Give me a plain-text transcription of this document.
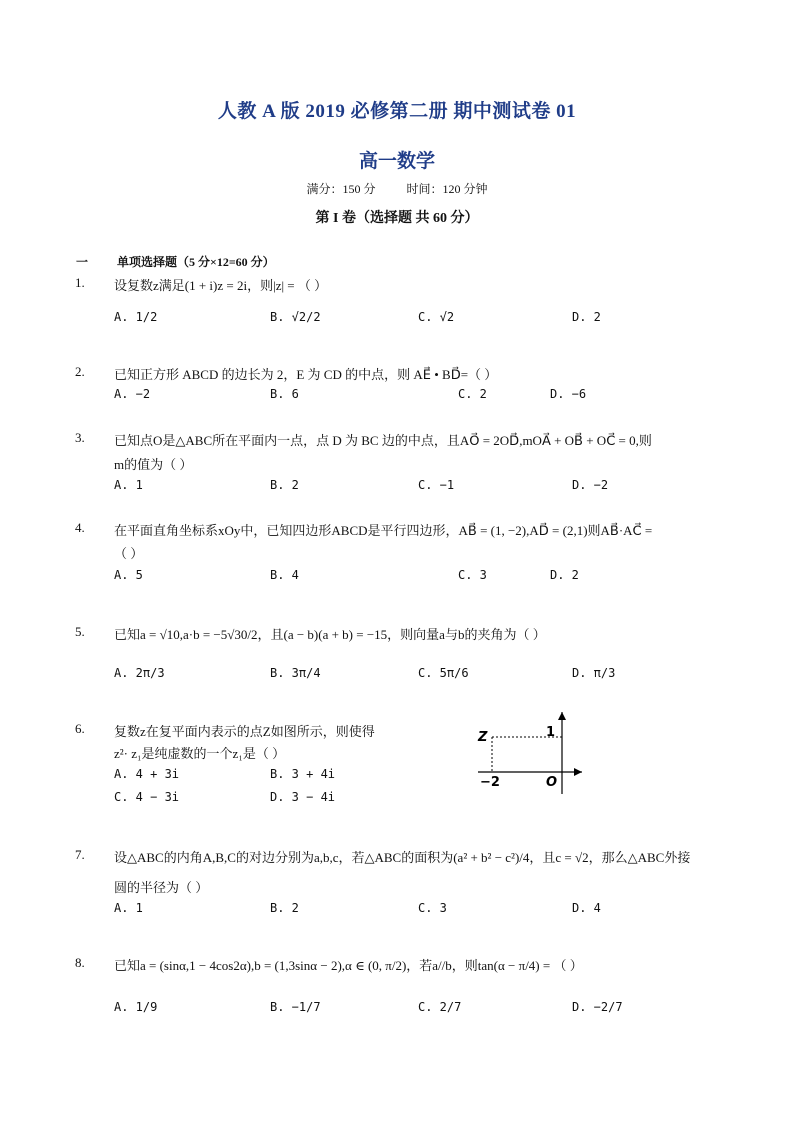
人教 A 版 2019 必修第二册 期中测试卷 01
高一数学
满分：150 分	时间：120 分钟
第 I 卷（选择题 共 60 分）
一 单项选择题（5 分×12=60 分）
1. 设复数z满足(1 + i)z = 2i，则|z| = （ ）
A. 1/2	B. √2/2	C. √2	D. 2
2. 已知正方形 ABCD 的边长为 2，E 为 CD 的中点，则 AE⃗ • BD⃗=（ ）
A. −2	B. 6	C. 2	D. −6
3. 已知点O是△ABC所在平面内一点，点 D 为 BC 边的中点，且AO⃗ = 2OD⃗,mOA⃗ + OB⃗ + OC⃗ = 0,则
m的值为（ ）
A. 1	B. 2	C. −1	D. −2
4. 在平面直角坐标系xOy中，已知四边形ABCD是平行四边形，AB⃗ = (1, −2),AD⃗ = (2,1)则AB⃗·AC⃗ =
（ ）
A. 5	B. 4	C. 3	D. 2
5. 已知a = √10,a·b = −5√30/2，且(a − b)(a + b) = −15，则向量a与b的夹角为（ ）
A. 2π/3	B. 3π/4	C. 5π/6	D. π/3
6. 复数z在复平面内表示的点Z如图所示，则使得
z²· z₁是纯虚数的一个z₁是（ ）
A. 4 + 3i	B. 3 + 4i
C. 4 − 3i	D. 3 − 4i
Z	1
−2	O
7. 设△ABC的内角A,B,C的对边分别为a,b,c，若△ABC的面积为(a² + b² − c²)/4，且c = √2，那么△ABC外接
圆的半径为（ ）
A. 1	B. 2	C. 3	D. 4
8. 已知a = (sinα,1 − 4cos2α),b = (1,3sinα − 2),α ∈ (0, π/2)，若a//b，则tan(α − π/4) = （ ）
A. 1/9	B. −1/7	C. 2/7	D. −2/7
